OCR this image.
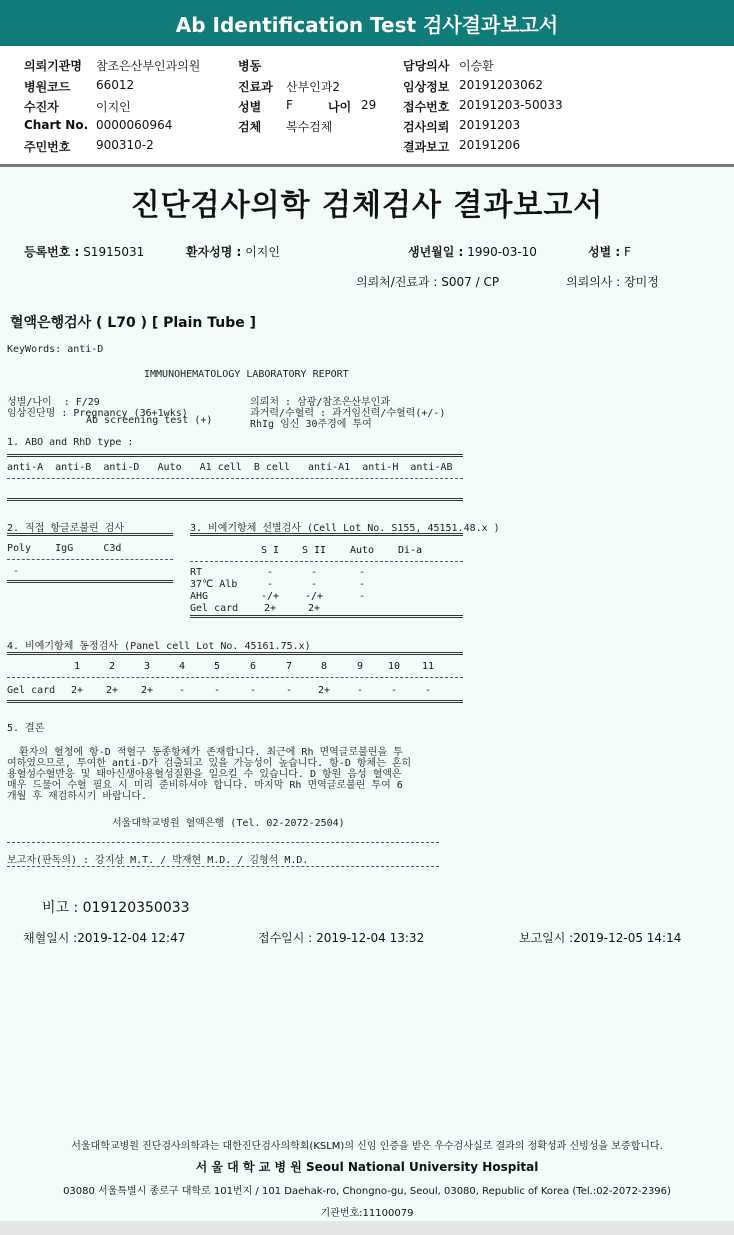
Ab Identification Test 검사결과보고서
의뢰기관명 참조은산부인과의원	병동	담당의사 이승환
병원코드 66012	진료과 산부인과2	임상정보 20191203062
수진자	이지인	성별 F	나이 29 접수번호 20191203-50033
Chart No. 0000060964	검체 복수검체	검사의뢰 20191203
주민번호 900310-2	결과보고 20191206
진단검사의학 검체검사 결과보고서
등록번호 : S1915031	환자성명 : 이지인	생년월일 : 1990-03-10	성별 : F
의뢰처/진료과 : S007 / CP	의뢰의사 : 장미정
혈액은행검사 ( L70 ) [ Plain Tube ]
KeyWords: anti-D
IMMUNOHEMATOLOGY LABORATORY REPORT
성별/나이  : F/29
임상진단명 : Pregnancy (36+1wks)
Ab screening test (+)
의뢰처 : 삼광/참조은산부인과
과거력/수혈력 : 과거임신력/수혈력(+/-)
RhIg 임신 30주경에 투여
1. ABO and RhD type :
anti-A  anti-B  anti-D   Auto   A1 cell  B cell   anti-A1  anti-H  anti-AB
2. 직접 항글로불린 검사
Poly    IgG     C3d
-
3. 비예기항체 선별검사 (Cell Lot No. S155, 45151.48.x )
S I	S II	Auto	Di-a
RT	-	-	-
37℃ Alb	-	-	-
AHG	-/+	-/+	-
Gel card	2+	2+
4. 비예기항체 동정검사 (Panel cell Lot No. 45161.75.x)
1	2	3	4	5	6	7	8	9	10	11
Gel card	2+	2+	2+	-	-	-	-	2+	-	-	-
5. 결론
환자의 혈청에 항-D 적혈구 동종항체가 존재합니다. 최근에 Rh 면역글로불린을 투
여하였으므로, 투여한 anti-D가 검출되고 있을 가능성이 높습니다. 항-D 항체는 흔히
용혈성수혈반응 및 태아신생아용혈성질환을 일으킬 수 있습니다. D 항원 음성 혈액은
매우 드물어 수혈 필요 시 미리 준비하셔야 합니다. 마지막 Rh 면역글로불린 투여 6
개월 후 재검하시기 바랍니다.
서울대학교병원 혈액은행 (Tel. 02-2072-2504)
보고자(판독의) : 강지상 M.T. / 박재현 M.D. / 김형석 M.D.
비고 : 019120350033
채혈일시 :2019-12-04 12:47	접수일시 : 2019-12-04 13:32	보고일시 :2019-12-05 14:14
서울대학교병원 진단검사의학과는 대한진단검사의학회(KSLM)의 신임 인증을 받은 우수검사실로 결과의 정확성과 신빙성을 보증합니다.
서 울 대 학 교 병 원 Seoul National University Hospital
03080 서울특별시 종로구 대학로 101번지 / 101 Daehak-ro, Chongno-gu, Seoul, 03080, Republic of Korea (Tel.:02-2072-2396)
기관번호:11100079
